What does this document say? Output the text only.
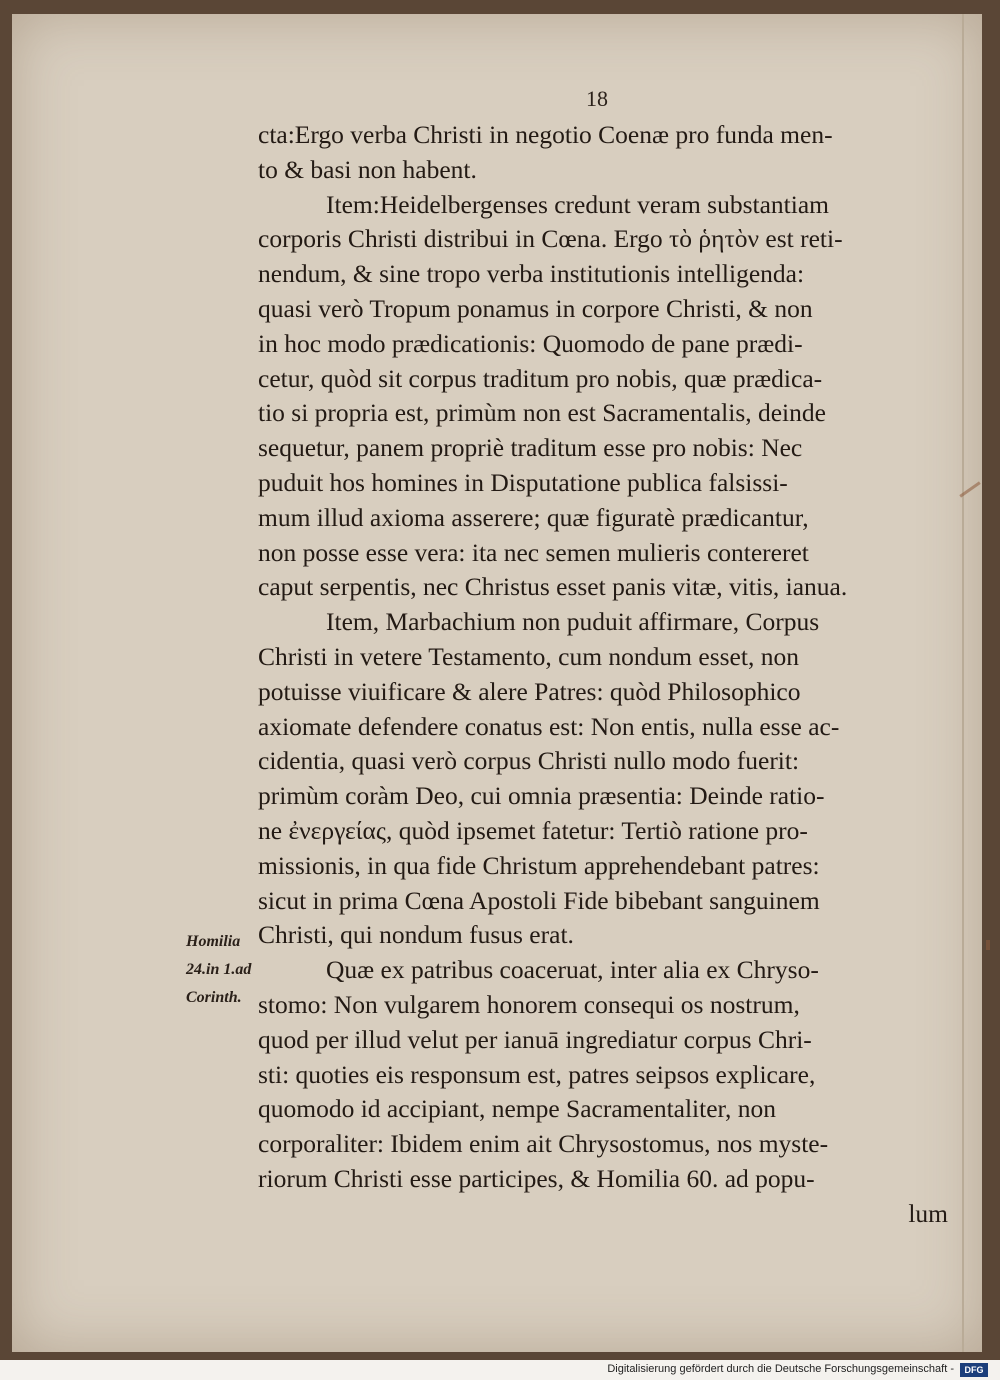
18
cta:Ergo verba Christi in negotio Coenæ pro funda men-
to & basi non habent.
Item:Heidelbergenses credunt veram substantiam
corporis Christi distribui in Cœna. Ergo τὸ ῥητὸν est reti-
nendum, & sine tropo verba institutionis intelligenda:
quasi verò Tropum ponamus in corpore Christi, & non
in hoc modo prædicationis: Quomodo de pane prædi-
cetur, quòd sit corpus traditum pro nobis, quæ prædica-
tio si propria est, primùm non est Sacramentalis, deinde
sequetur, panem propriè traditum esse pro nobis: Nec
puduit hos homines in Disputatione publica falsissi-
mum illud axioma asserere; quæ figuratè prædicantur,
non posse esse vera: ita nec semen mulieris contereret
caput serpentis, nec Christus esset panis vitæ, vitis, ianua.
Item, Marbachium non puduit affirmare, Corpus
Christi in vetere Testamento, cum nondum esset, non
potuisse viuificare & alere Patres: quòd Philosophico
axiomate defendere conatus est: Non entis, nulla esse ac-
cidentia, quasi verò corpus Christi nullo modo fuerit:
primùm coràm Deo, cui omnia præsentia: Deinde ratio-
ne ἐνεργείας, quòd ipsemet fatetur: Tertiò ratione pro-
missionis, in qua fide Christum apprehendebant patres:
sicut in prima Cœna Apostoli Fide bibebant sanguinem
Christi, qui nondum fusus erat.
Quæ ex patribus coaceruat, inter alia ex Chryso-
stomo: Non vulgarem honorem consequi os nostrum,
quod per illud velut per ianuā ingrediatur corpus Chri-
sti: quoties eis responsum est, patres seipsos explicare,
quomodo id accipiant, nempe Sacramentaliter, non
corporaliter: Ibidem enim ait Chrysostomus, nos myste-
riorum Christi esse participes, & Homilia 60. ad popu-
lum
Homilia
24.in 1.ad
Corinth.
Digitalisierung gefördert durch die Deutsche Forschungsgemeinschaft -	DFG
